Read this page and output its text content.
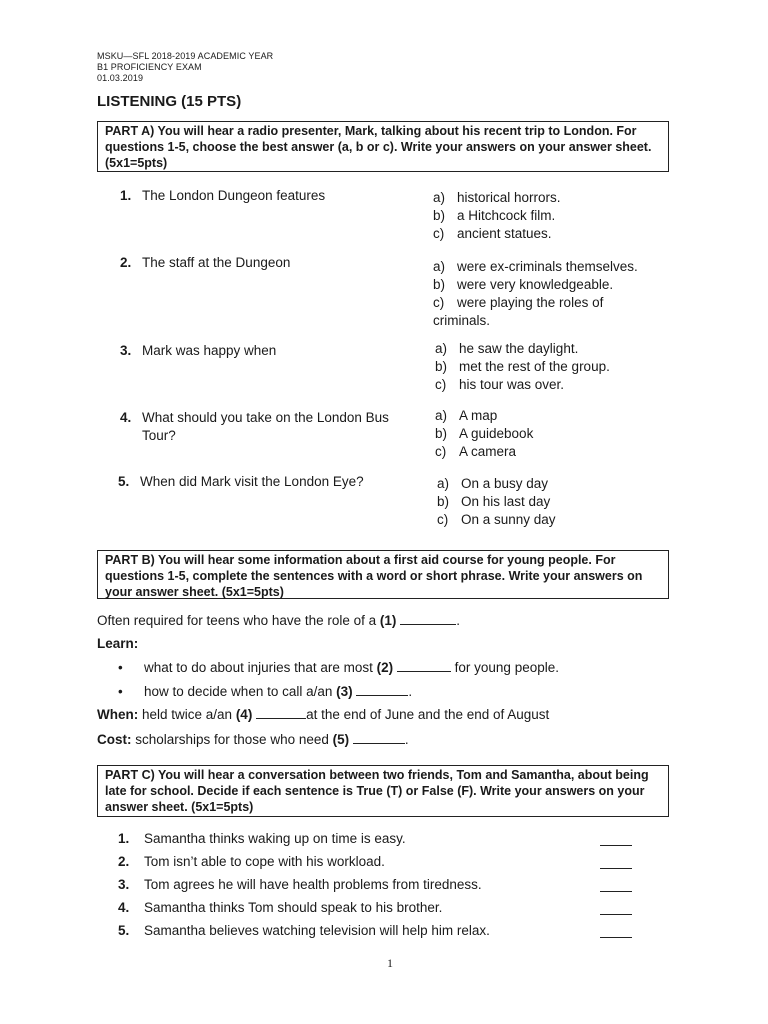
MSKU—SFL 2018-2019 ACADEMIC YEAR
B1 PROFICIENCY EXAM
01.03.2019
LISTENING (15 PTS)
PART A) You will hear a radio presenter, Mark, talking about his recent trip to London. For questions 1-5, choose the best answer (a, b or c). Write your answers on your answer sheet. (5x1=5pts)
1. The London Dungeon features	a) historical horrors.
b) a Hitchcock film.
c) ancient statues.
2. The staff at the Dungeon	a) were ex-criminals themselves.
b) were very knowledgeable.
c) were playing the roles of criminals.
3. Mark was happy when	a) he saw the daylight.
b) met the rest of the group.
c) his tour was over.
4. What should you take on the London Bus Tour?
a) A map
b) A guidebook
c) A camera
5. When did Mark visit the London Eye?	a) On a busy day
b) On his last day
c) On a sunny day
PART B) You will hear some information about a first aid course for young people. For questions 1-5, complete the sentences with a word or short phrase. Write your answers on your answer sheet. (5x1=5pts)
Often required for teens who have the role of a (1)	.
Learn:
• what to do about injuries that are most (2)	for young people.
• how to decide when to call a/an (3)	.
When: held twice a/an (4)	at the end of June and the end of August
Cost: scholarships for those who need (5)	.
PART C) You will hear a conversation between two friends, Tom and Samantha, about being late for school. Decide if each sentence is True (T) or False (F). Write your answers on your answer sheet. (5x1=5pts)
1. Samantha thinks waking up on time is easy.
2. Tom isn’t able to cope with his workload.
3. Tom agrees he will have health problems from tiredness.
4. Samantha thinks Tom should speak to his brother.
5. Samantha believes watching television will help him relax.
1
